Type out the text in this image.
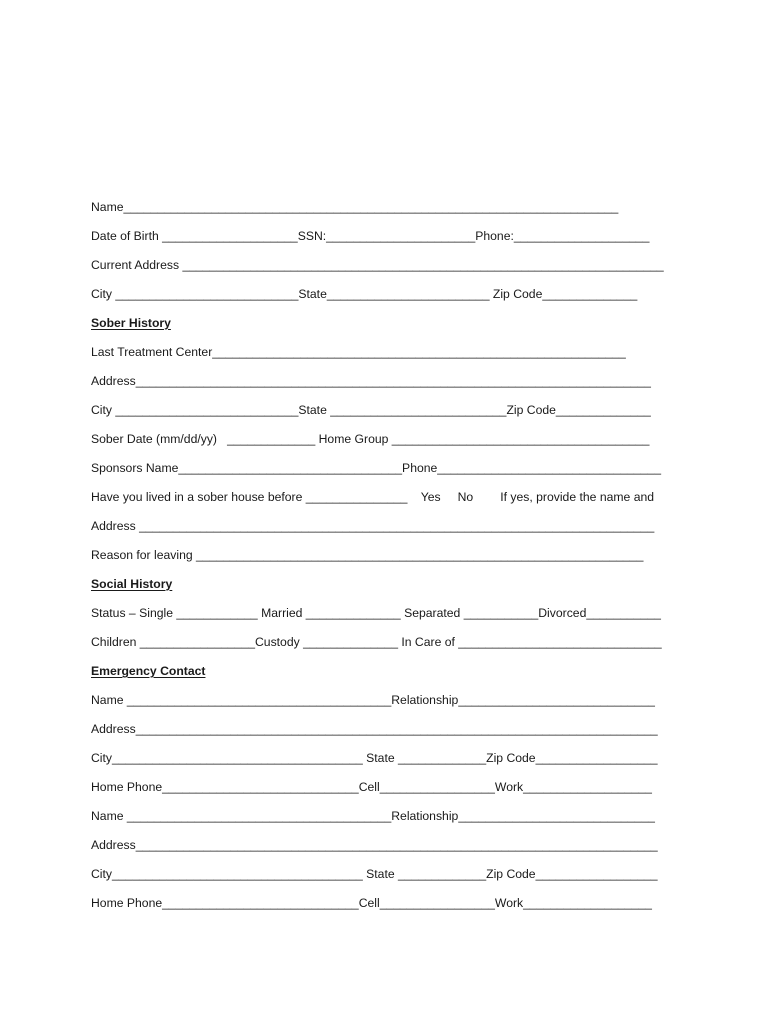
Name_________________________________________________________________________
Date of Birth ____________________SSN:______________________Phone:____________________
Current Address _______________________________________________________________________
City ___________________________State________________________ Zip Code______________
Sober History
Last Treatment Center_____________________________________________________________
Address____________________________________________________________________________
City ___________________________State __________________________Zip Code______________
Sober Date (mm/dd/yy)   _____________ Home Group ______________________________________
Sponsors Name_________________________________Phone_________________________________
Have you lived in a sober house before _______________    Yes     No        If yes, provide the name and
Address ____________________________________________________________________________
Reason for leaving __________________________________________________________________
Social History
Status – Single ____________ Married ______________ Separated ___________Divorced___________
Children _________________Custody ______________ In Care of ______________________________
Emergency Contact
Name _______________________________________Relationship_____________________________
Address_____________________________________________________________________________
City_____________________________________ State _____________Zip Code__________________
Home Phone_____________________________Cell_________________Work___________________
Name _______________________________________Relationship_____________________________
Address_____________________________________________________________________________
City_____________________________________ State _____________Zip Code__________________
Home Phone_____________________________Cell_________________Work___________________
